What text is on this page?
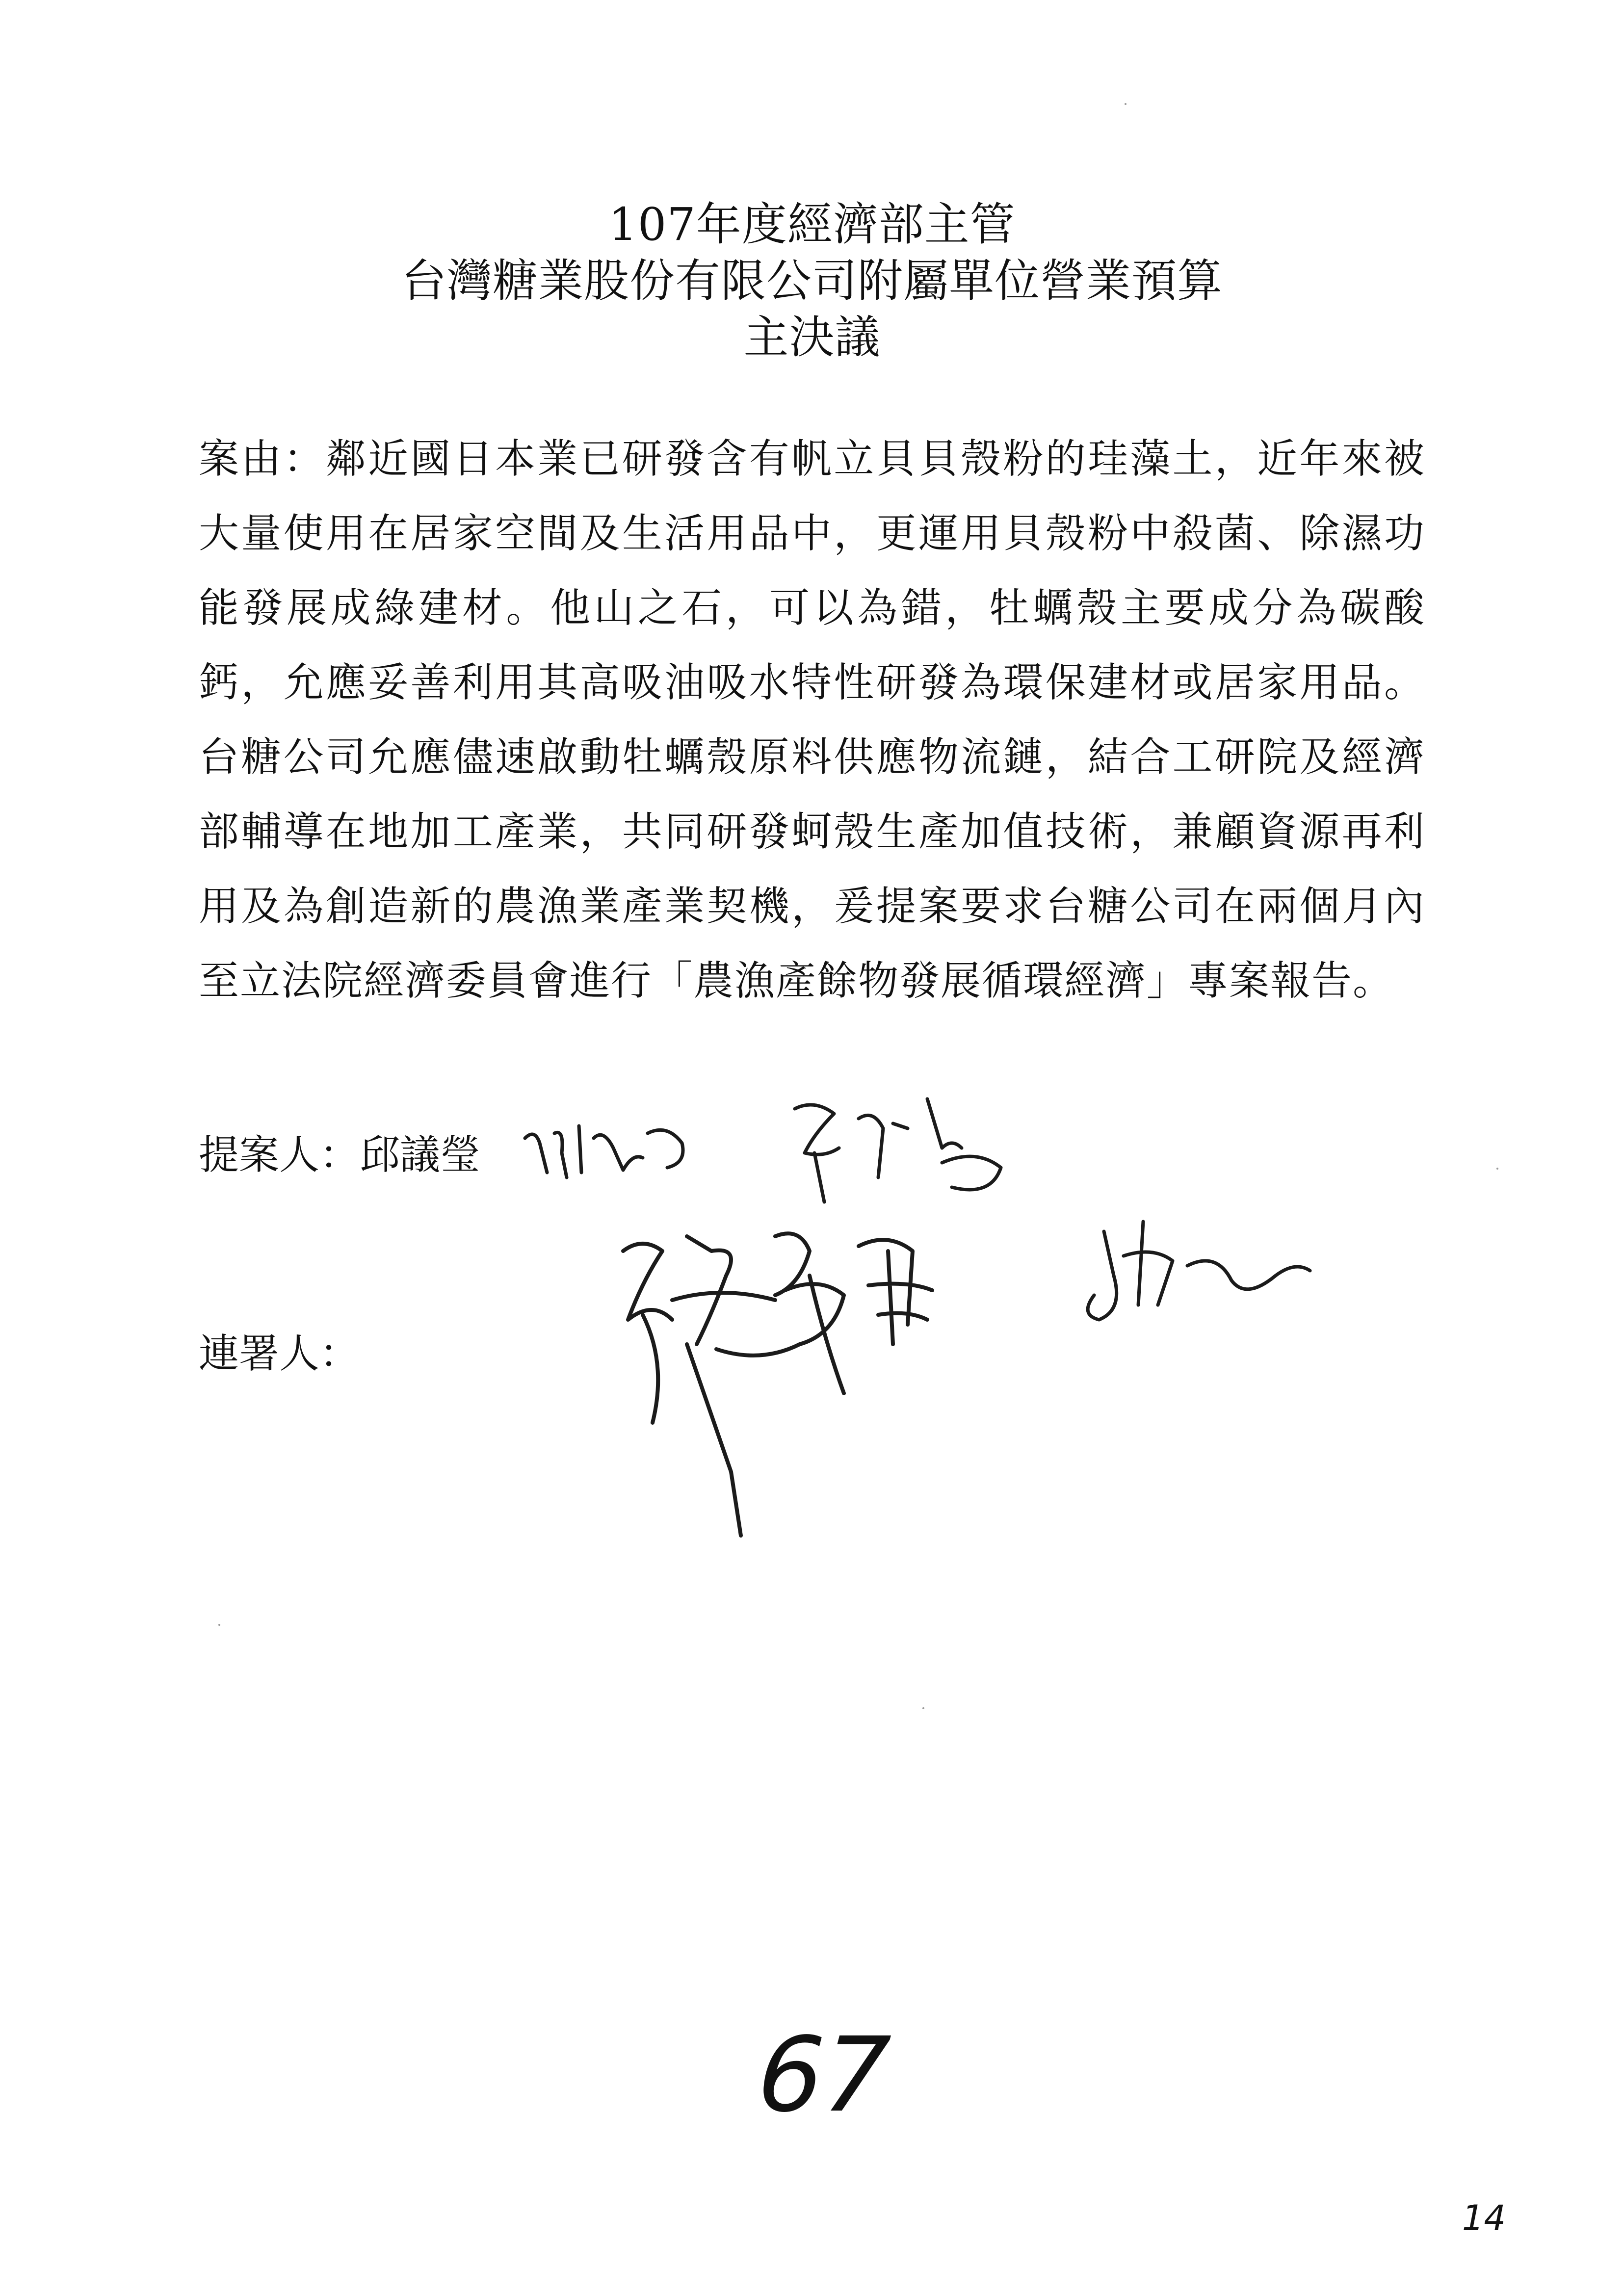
107年度經濟部主管
台灣糖業股份有限公司附屬單位營業預算
主決議
案由：鄰近國日本業已研發含有帆立貝貝殼粉的珪藻土，近年來被大量使用在居家空間及生活用品中，更運用貝殼粉中殺菌、除濕功能發展成綠建材。他山之石，可以為錯，牡蠣殼主要成分為碳酸鈣，允應妥善利用其高吸油吸水特性研發為環保建材或居家用品。台糖公司允應儘速啟動牡蠣殼原料供應物流鏈，結合工研院及經濟部輔導在地加工產業，共同研發蚵殼生產加值技術，兼顧資源再利用及為創造新的農漁業產業契機，爰提案要求台糖公司在兩個月內至立法院經濟委員會進行「農漁產餘物發展循環經濟」專案報告。
提案人：邱議瑩
連署人：
67
14
